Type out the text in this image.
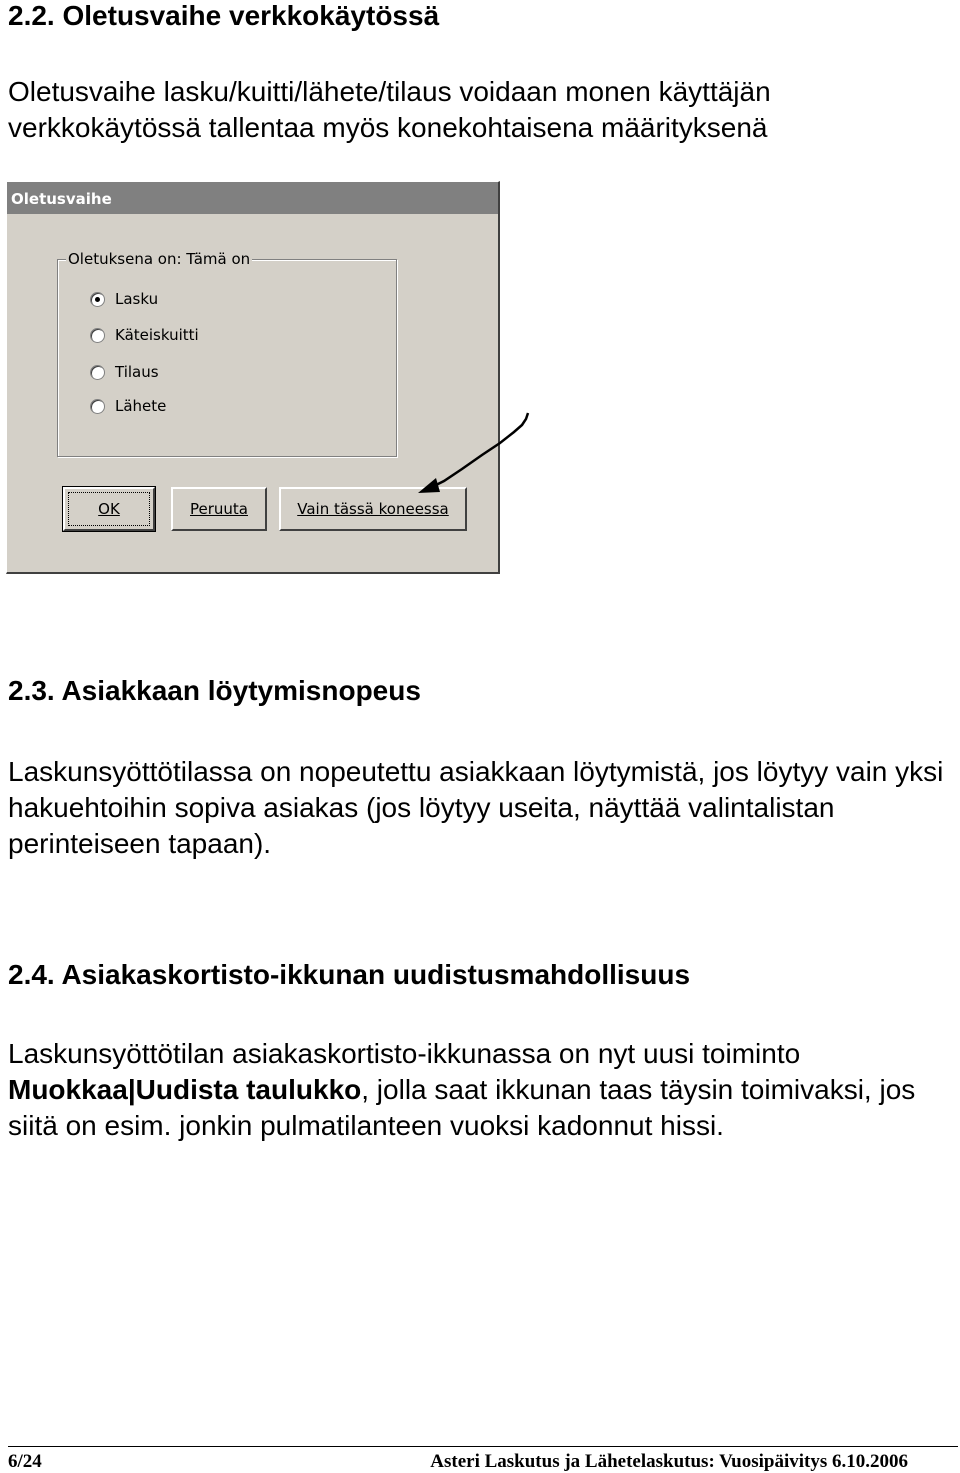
2.2. Oletusvaihe verkkokäytössä

Oletusvaihe lasku/kuitti/lähete/tilaus voidaan monen käyttäjän verkkokäytössä tallentaa myös konekohtaisena määrityksenä

Oletusvaihe
Oletuksena on: Tämä on
Lasku
Käteiskuitti
Tilaus
Lähete
OK	Peruuta	Vain tässä koneessa
2.3. Asiakkaan löytymisnopeus

Laskunsyöttötilassa on nopeutettu asiakkaan löytymistä, jos löytyy vain yksi hakuehtoihin sopiva asiakas (jos löytyy useita, näyttää valintalistan perinteiseen tapaan).

2.4. Asiakaskortisto-ikkunan uudistusmahdollisuus

Laskunsyöttötilan asiakaskortisto-ikkunassa on nyt uusi toiminto Muokkaa|Uudista taulukko, jolla saat ikkunan taas täysin toimivaksi, jos siitä on esim. jonkin pulmatilanteen vuoksi kadonnut hissi.

6/24	Asteri Laskutus ja Lähetelaskutus: Vuosipäivitys 6.10.2006
